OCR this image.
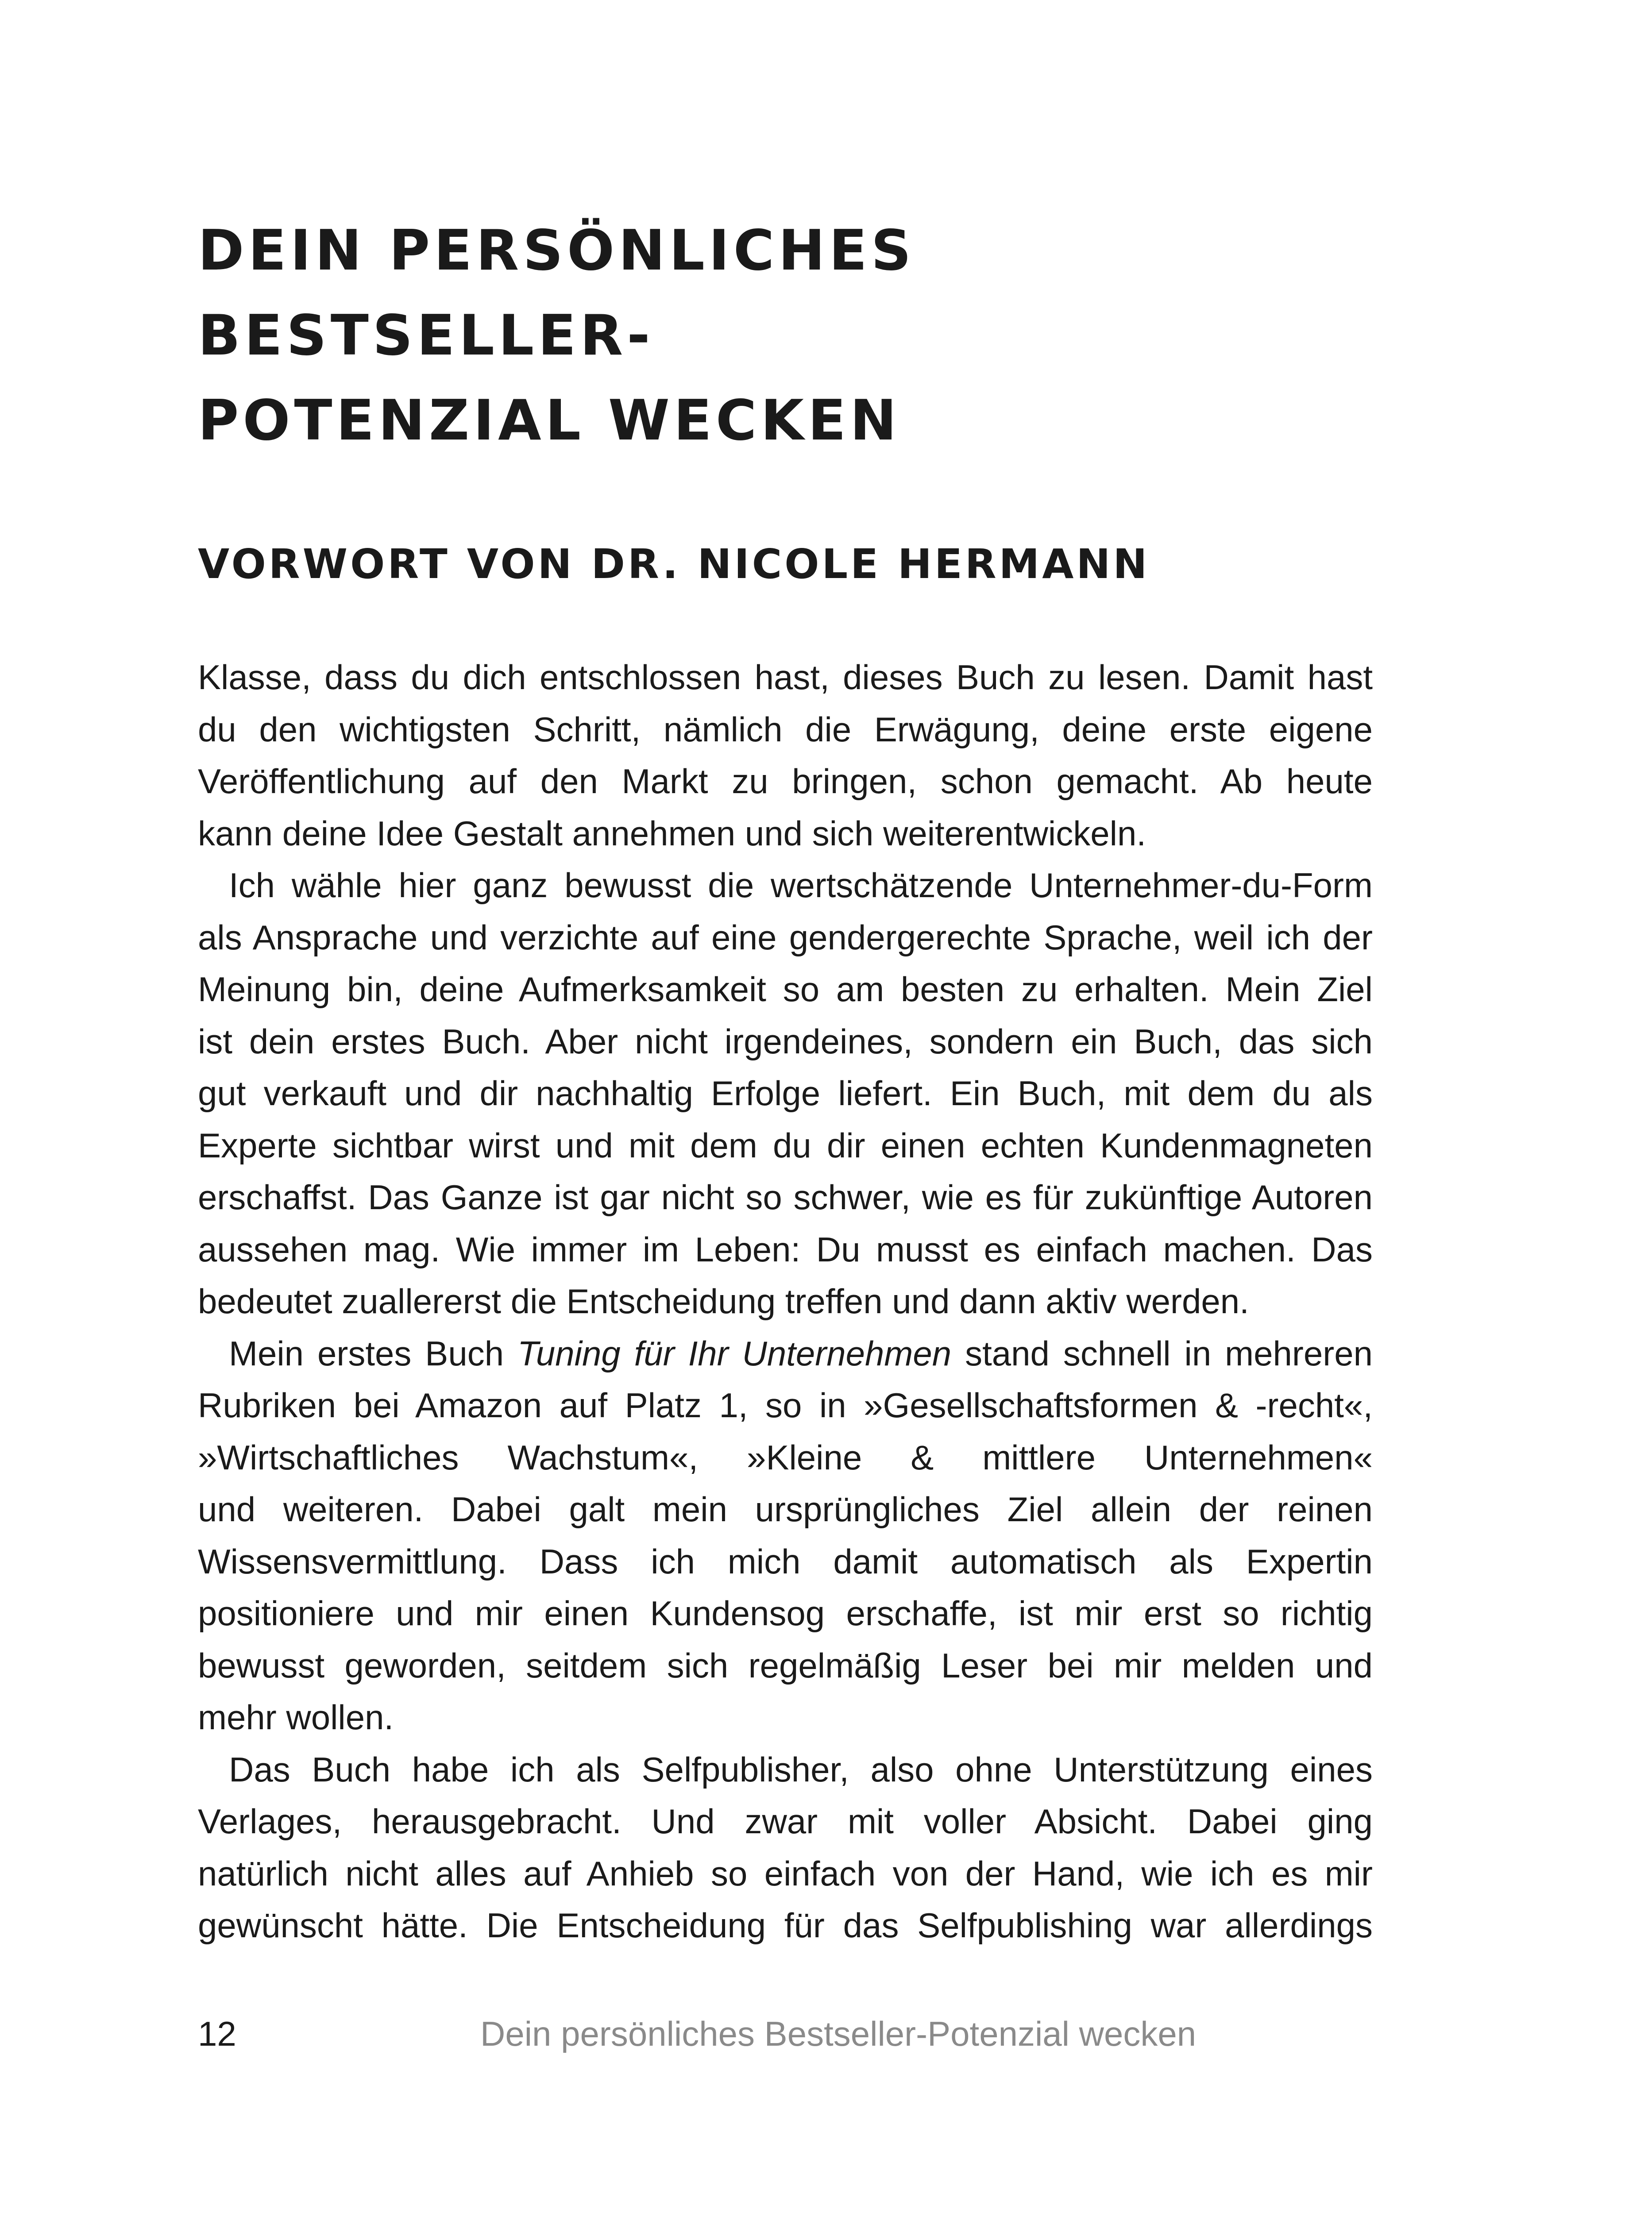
DEIN PERSÖNLICHES BESTSELLER-
POTENZIAL WECKEN
VORWORT VON DR. NICOLE HERMANN
Klasse, dass du dich entschlossen hast, dieses Buch zu lesen. Damit hast
du den wichtigsten Schritt, nämlich die Erwägung, deine erste eigene
Veröffentlichung auf den Markt zu bringen, schon gemacht. Ab heute
kann deine Idee Gestalt annehmen und sich weiterentwickeln.
Ich wähle hier ganz bewusst die wertschätzende Unternehmer-du-Form
als Ansprache und verzichte auf eine gendergerechte Sprache, weil ich der
Meinung bin, deine Aufmerksamkeit so am besten zu erhalten. Mein Ziel
ist dein erstes Buch. Aber nicht irgendeines, sondern ein Buch, das sich
gut verkauft und dir nachhaltig Erfolge liefert. Ein Buch, mit dem du als
Experte sichtbar wirst und mit dem du dir einen echten Kundenmagneten
erschaffst. Das Ganze ist gar nicht so schwer, wie es für zukünftige Autoren
aussehen mag. Wie immer im Leben: Du musst es einfach machen. Das
bedeutet zuallererst die Entscheidung treffen und dann aktiv werden.
Mein erstes Buch Tuning für Ihr Unternehmen stand schnell in mehreren
Rubriken bei Amazon auf Platz 1, so in »Gesellschaftsformen & -recht«,
»Wirtschaftliches Wachstum«, »Kleine & mittlere Unternehmen«
und weiteren. Dabei galt mein ursprüngliches Ziel allein der reinen
Wissensvermittlung. Dass ich mich damit automatisch als Expertin
positioniere und mir einen Kundensog erschaffe, ist mir erst so richtig
bewusst geworden, seitdem sich regelmäßig Leser bei mir melden und
mehr wollen.
Das Buch habe ich als Selfpublisher, also ohne Unterstützung eines
Verlages, herausgebracht. Und zwar mit voller Absicht. Dabei ging
natürlich nicht alles auf Anhieb so einfach von der Hand, wie ich es mir
gewünscht hätte. Die Entscheidung für das Selfpublishing war allerdings
12	Dein persönliches Bestseller-Potenzial wecken
